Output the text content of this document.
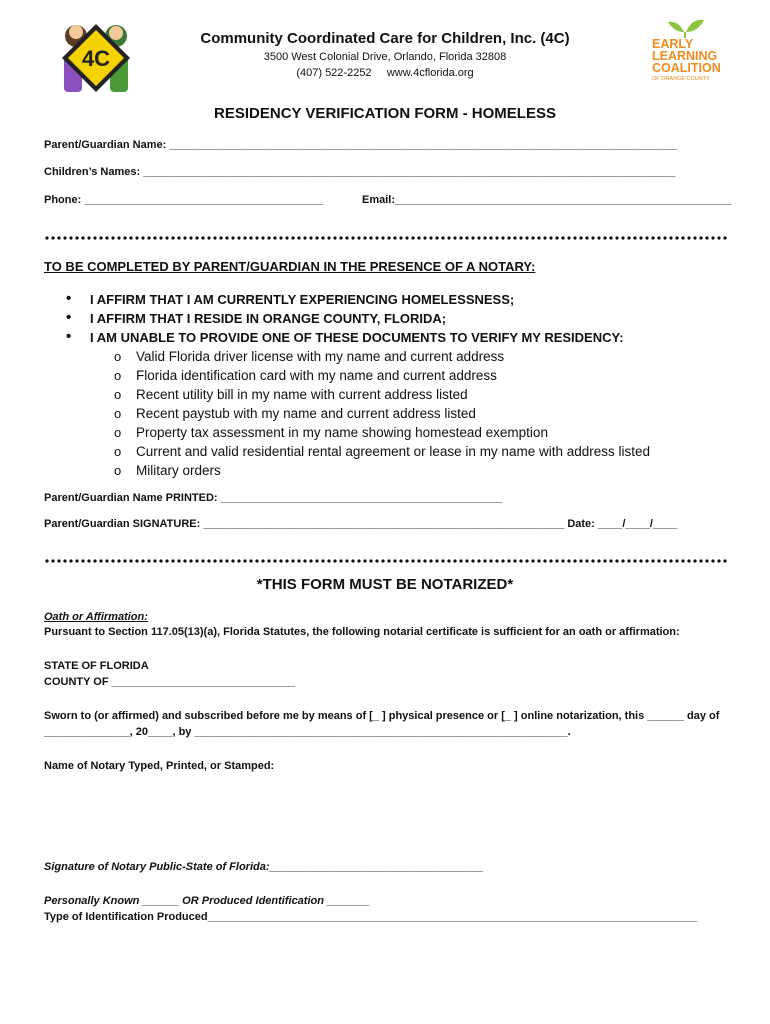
4C
EARLY
LEARNING
COALITION
OF ORANGE COUNTY
Community Coordinated Care for Children, Inc. (4C)
3500 West Colonial Drive, Orlando, Florida 32808
(407) 522-2252     www.4cflorida.org
RESIDENCY VERIFICATION FORM - HOMELESS
Parent/Guardian Name: ___________________________________________________________________________________
Children’s Names: _______________________________________________________________________________________
Phone: _______________________________________	Email:_______________________________________________________
TO BE COMPLETED BY PARENT/GUARDIAN IN THE PRESENCE OF A NOTARY:
• I AFFIRM THAT I AM CURRENTLY EXPERIENCING HOMELESSNESS;
• I AFFIRM THAT I RESIDE IN ORANGE COUNTY, FLORIDA;
• I AM UNABLE TO PROVIDE ONE OF THESE DOCUMENTS TO VERIFY MY RESIDENCY:
o Valid Florida driver license with my name and current address
o Florida identification card with my name and current address
o Recent utility bill in my name with current address listed
o Recent paystub with my name and current address listed
o Property tax assessment in my name showing homestead exemption
o Current and valid residential rental agreement or lease in my name with address listed
o Military orders
Parent/Guardian Name PRINTED: ______________________________________________
Parent/Guardian SIGNATURE: ___________________________________________________________ Date: ____/____/____
*THIS FORM MUST BE NOTARIZED*
Oath or Affirmation:
Pursuant to Section 117.05(13)(a), Florida Statutes, the following notarial certificate is sufficient for an oath or affirmation:
STATE OF FLORIDA
COUNTY OF ______________________________
Sworn to (or affirmed) and subscribed before me by means of [_ ] physical presence or [_ ] online notarization, this ______ day of
______________, 20____, by _____________________________________________________________.
Name of Notary Typed, Printed, or Stamped:
Signature of Notary Public-State of Florida:___________________________________
Personally Known ______ OR Produced Identification _______
Type of Identification Produced________________________________________________________________________________
